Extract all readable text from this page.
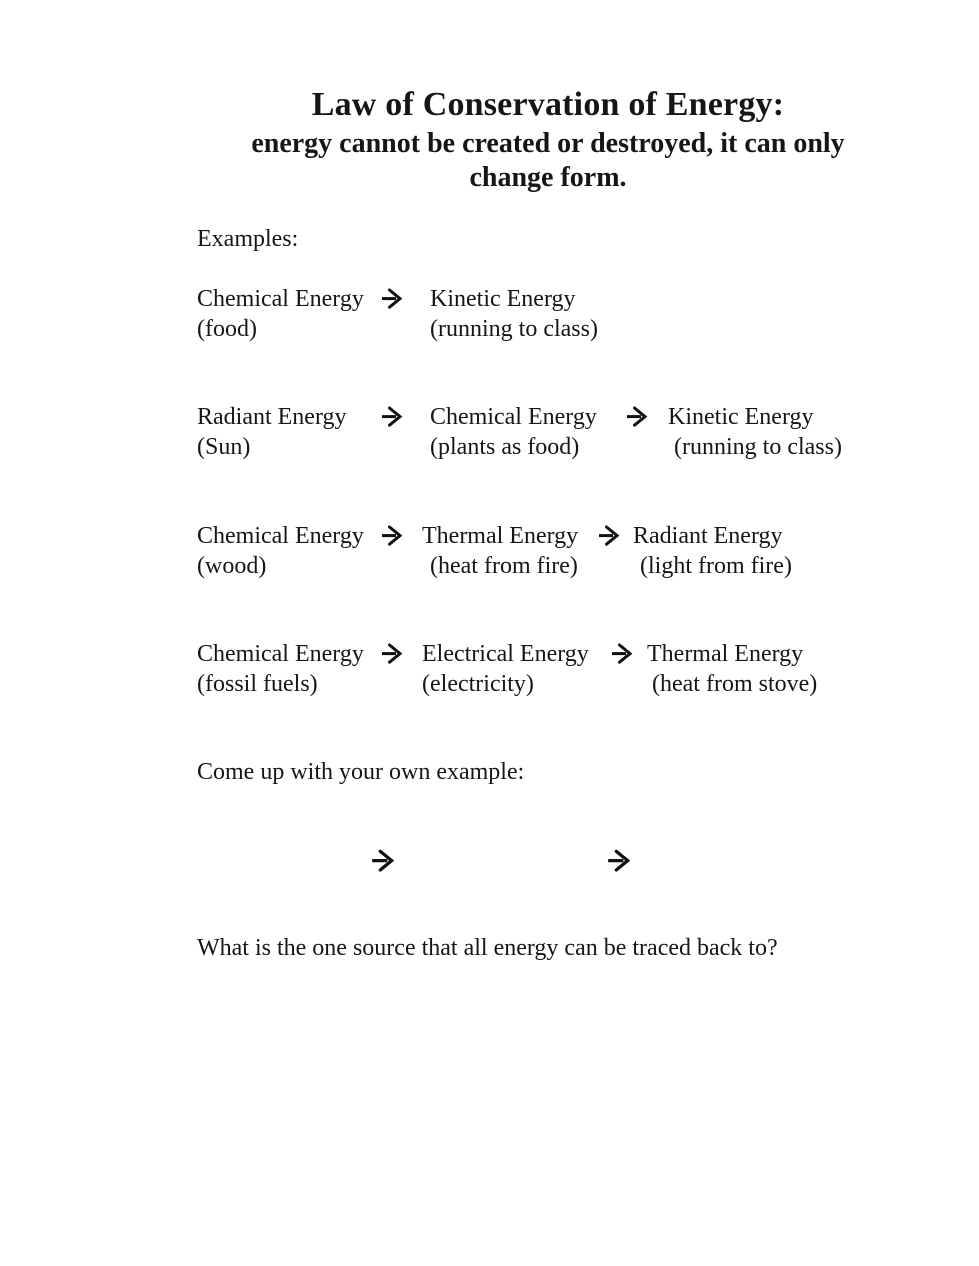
Law of Conservation of Energy:
energy cannot be created or destroyed, it can only
change form.
Examples:
Chemical Energy
(food)
Kinetic Energy
(running to class)
Radiant Energy
(Sun)
Chemical Energy
(plants as food)
Kinetic Energy
(running to class)
Chemical Energy
(wood)
Thermal Energy
(heat from fire)
Radiant Energy
(light from fire)
Chemical Energy
(fossil fuels)
Electrical Energy
(electricity)
Thermal Energy
(heat from stove)
Come up with your own example:
What is the one source that all energy can be traced back to?
